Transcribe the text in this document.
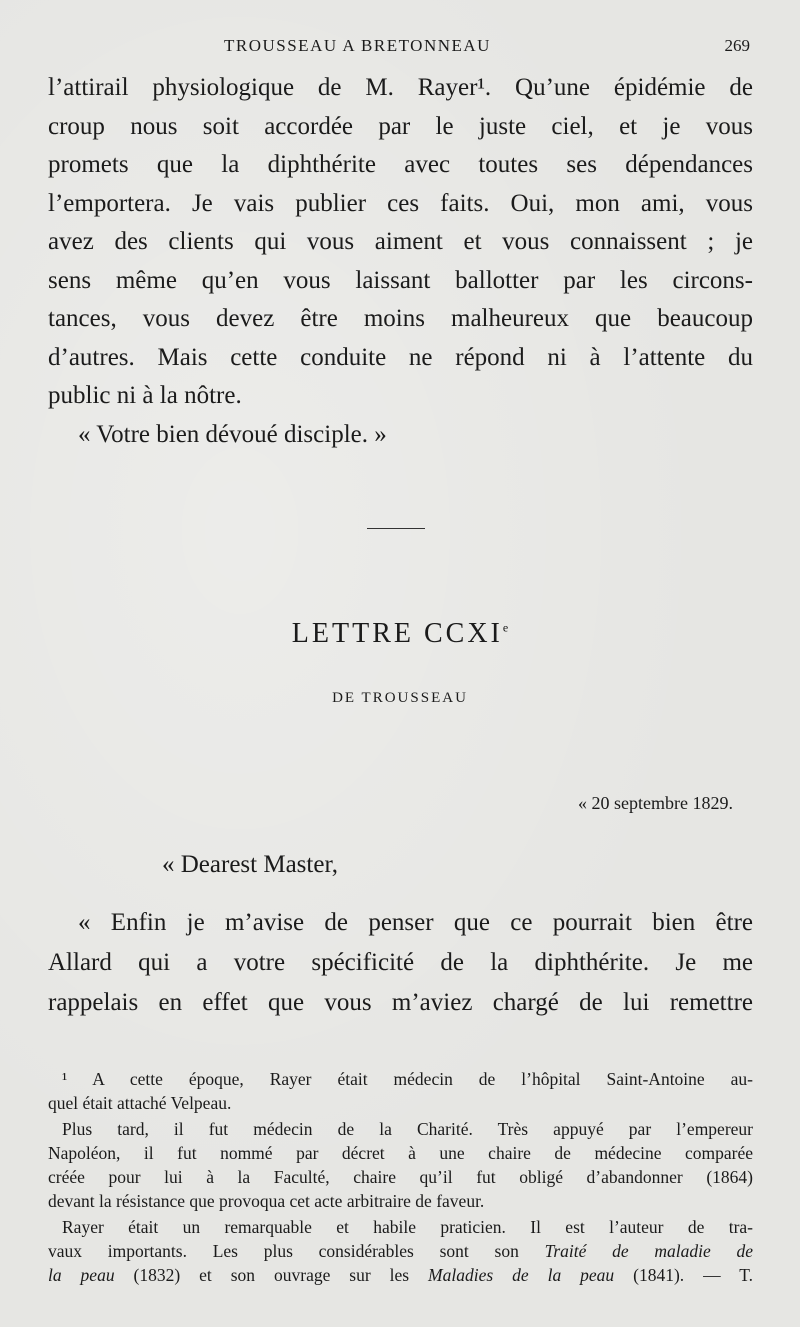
TROUSSEAU A BRETONNEAU	269
l’attirail physiologique de M. Rayer¹. Qu’une épidémie de
croup nous soit accordée par le juste ciel, et je vous
promets que la diphthérite avec toutes ses dépendances
l’emportera. Je vais publier ces faits. Oui, mon ami, vous
avez des clients qui vous aiment et vous connaissent ; je
sens même qu’en vous laissant ballotter par les circons-
tances, vous devez être moins malheureux que beaucoup
d’autres. Mais cette conduite ne répond ni à l’attente du
public ni à la nôtre.
« Votre bien dévoué disciple. »
LETTRE CCXIe
DE TROUSSEAU
« 20 septembre 1829.
« Dearest Master,
« Enfin je m’avise de penser que ce pourrait bien être
Allard qui a votre spécificité de la diphthérite. Je me
rappelais en effet que vous m’aviez chargé de lui remettre
¹ A cette époque, Rayer était médecin de l’hôpital Saint-Antoine au-
quel était attaché Velpeau.
Plus tard, il fut médecin de la Charité. Très appuyé par l’empereur
Napoléon, il fut nommé par décret à une chaire de médecine comparée
créée pour lui à la Faculté, chaire qu’il fut obligé d’abandonner (1864)
devant la résistance que provoqua cet acte arbitraire de faveur.
Rayer était un remarquable et habile praticien. Il est l’auteur de tra-
vaux importants. Les plus considérables sont son Traité de maladie de
la peau (1832) et son ouvrage sur les Maladies de la peau (1841). — T.
